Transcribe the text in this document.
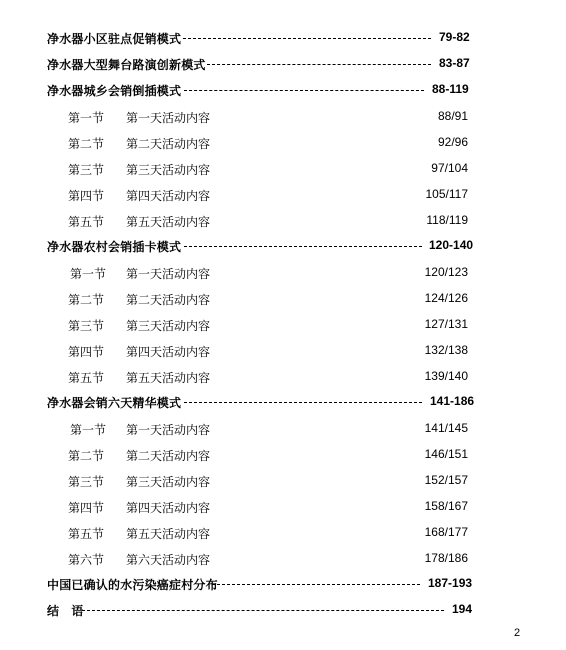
净水器小区驻点促销模式	79-82
净水器大型舞台路演创新模式	83-87
净水器城乡会销倒插模式	88-119
第一节 第一天活动内容	88/91
第二节 第二天活动内容	92/96
第三节 第三天活动内容	97/104
第四节 第四天活动内容	105/117
第五节 第五天活动内容	118/119
净水器农村会销插卡模式	120-140
第一节 第一天活动内容	120/123
第二节 第二天活动内容	124/126
第三节 第三天活动内容	127/131
第四节 第四天活动内容	132/138
第五节 第五天活动内容	139/140
净水器会销六天精华模式	141-186
第一节 第一天活动内容	141/145
第二节 第二天活动内容	146/151
第三节 第三天活动内容	152/157
第四节 第四天活动内容	158/167
第五节 第五天活动内容	168/177
第六节 第六天活动内容	178/186
中国已确认的水污染癌症村分布	187-193
结　语	194
2
